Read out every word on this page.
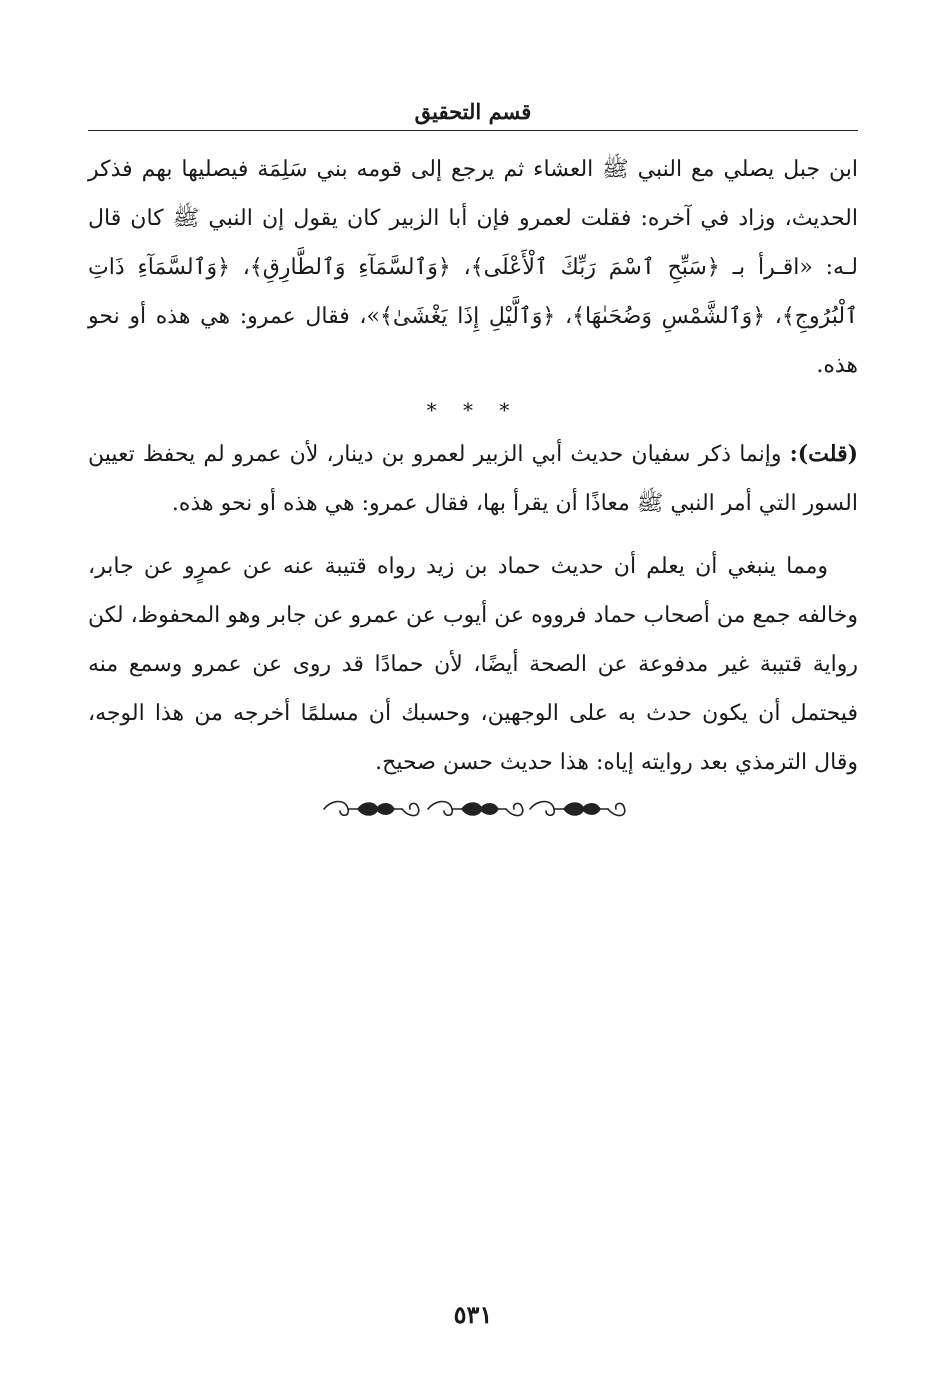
قسم التحقيق

ابن جبل يصلي مع النبي ﷺ العشاء ثم يرجع إلى قومه بني سَلِمَة فيصليها بهم فذكر الحديث، وزاد في آخره: فقلت لعمرو فإن أبا الزبير كان يقول إن النبي ﷺ كان قال لـه: «اقـرأ بـ ﴿سَبِّحِ ٱسْمَ رَبِّكَ ٱلْأَعْلَى﴾، ﴿وَٱلسَّمَآءِ وَٱلطَّارِقِ﴾، ﴿وَٱلسَّمَآءِ ذَاتِ ٱلْبُرُوجِ﴾، ﴿وَٱلشَّمْسِ وَضُحَىٰهَا﴾، ﴿وَٱلَّيْلِ إِذَا يَغْشَىٰ﴾»، فقال عمرو: هي هذه أو نحو هذه.

* * *

(قلت): وإنما ذكر سفيان حديث أبي الزبير لعمرو بن دينار، لأن عمرو لم يحفظ تعيين السور التي أمر النبي ﷺ معاذًا أن يقرأ بها، فقال عمرو: هي هذه أو نحو هذه.

ومما ينبغي أن يعلم أن حديث حماد بن زيد رواه قتيبة عنه عن عمرٍو عن جابر، وخالفه جمع من أصحاب حماد فرووه عن أيوب عن عمرو عن جابر وهو المحفوظ، لكن رواية قتيبة غير مدفوعة عن الصحة أيضًا، لأن حمادًا قد روى عن عمرو وسمع منه فيحتمل أن يكون حدث به على الوجهين، وحسبك أن مسلمًا أخرجه من هذا الوجه، وقال الترمذي بعد روايته إياه: هذا حديث حسن صحيح.

٥٣١
